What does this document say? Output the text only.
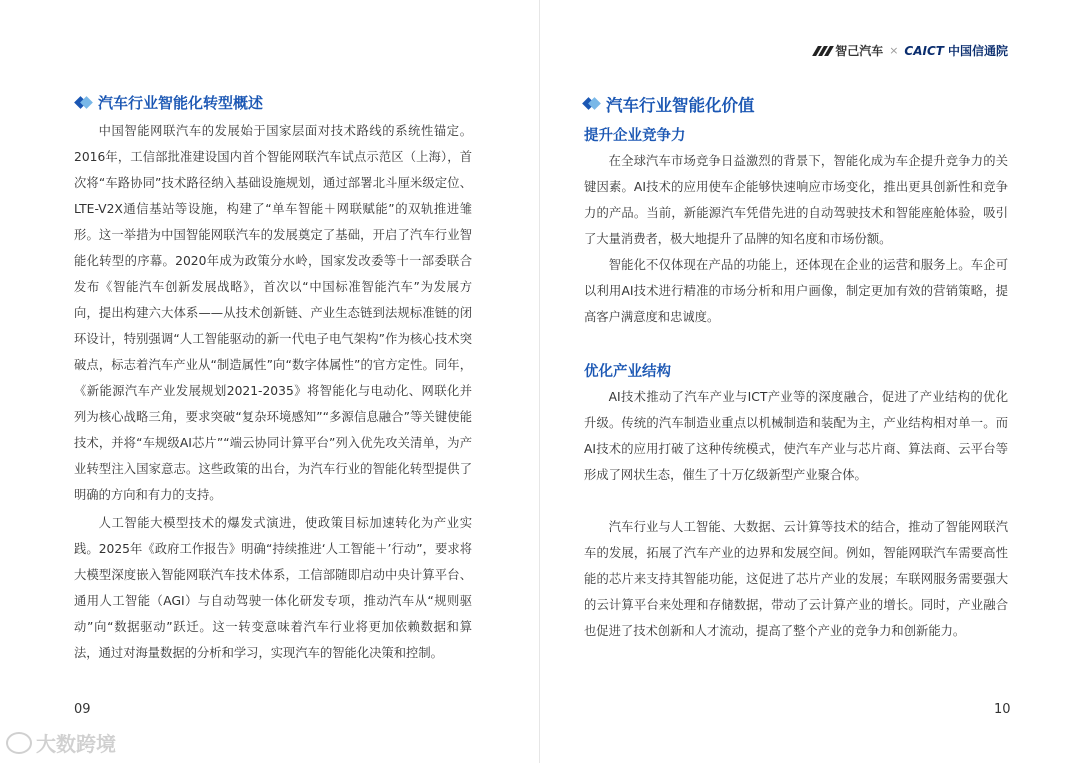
汽车行业智能化转型概述

中国智能网联汽车的发展始于国家层面对技术路线的系统性锚定。2016年，工信部批准建设国内首个智能网联汽车试点示范区（上海），首次将“车路协同”技术路径纳入基础设施规划，通过部署北斗厘米级定位、LTE-V2X通信基站等设施，构建了“单车智能＋网联赋能”的双轨推进雏形。这一举措为中国智能网联汽车的发展奠定了基础，开启了汽车行业智能化转型的序幕。2020年成为政策分水岭，国家发改委等十一部委联合发布《智能汽车创新发展战略》，首次以“中国标准智能汽车”为发展方向，提出构建六大体系——从技术创新链、产业生态链到法规标准链的闭环设计，特别强调“人工智能驱动的新一代电子电气架构”作为核心技术突破点，标志着汽车产业从“制造属性”向“数字体属性”的官方定性。同年，《新能源汽车产业发展规划2021-2035》将智能化与电动化、网联化并列为核心战略三角，要求突破“复杂环境感知”“多源信息融合”等关键使能技术，并将“车规级AI芯片”“端云协同计算平台”列入优先攻关清单，为产业转型注入国家意志。这些政策的出台，为汽车行业的智能化转型提供了明确的方向和有力的支持。

人工智能大模型技术的爆发式演进，使政策目标加速转化为产业实践。2025年《政府工作报告》明确“持续推进‘人工智能＋’行动”，要求将大模型深度嵌入智能网联汽车技术体系，工信部随即启动中央计算平台、通用人工智能（AGI）与自动驾驶一体化研发专项，推动汽车从“规则驱动”向“数据驱动”跃迁。这一转变意味着汽车行业将更加依赖数据和算法，通过对海量数据的分析和学习，实现汽车的智能化决策和控制。

09
大数跨境
智己汽车 × CAICT 中国信通院
汽车行业智能化价值
提升企业竞争力

在全球汽车市场竞争日益激烈的背景下，智能化成为车企提升竞争力的关键因素。AI技术的应用使车企能够快速响应市场变化，推出更具创新性和竞争力的产品。当前，新能源汽车凭借先进的自动驾驶技术和智能座舱体验，吸引了大量消费者，极大地提升了品牌的知名度和市场份额。

智能化不仅体现在产品的功能上，还体现在企业的运营和服务上。车企可以利用AI技术进行精准的市场分析和用户画像，制定更加有效的营销策略，提高客户满意度和忠诚度。

优化产业结构

AI技术推动了汽车产业与ICT产业等的深度融合，促进了产业结构的优化升级。传统的汽车制造业重点以机械制造和装配为主，产业结构相对单一。而AI技术的应用打破了这种传统模式，使汽车产业与芯片商、算法商、云平台等形成了网状生态，催生了十万亿级新型产业聚合体。

汽车行业与人工智能、大数据、云计算等技术的结合，推动了智能网联汽车的发展，拓展了汽车产业的边界和发展空间。例如，智能网联汽车需要高性能的芯片来支持其智能功能，这促进了芯片产业的发展；车联网服务需要强大的云计算平台来处理和存储数据，带动了云计算产业的增长。同时，产业融合也促进了技术创新和人才流动，提高了整个产业的竞争力和创新能力。

10
